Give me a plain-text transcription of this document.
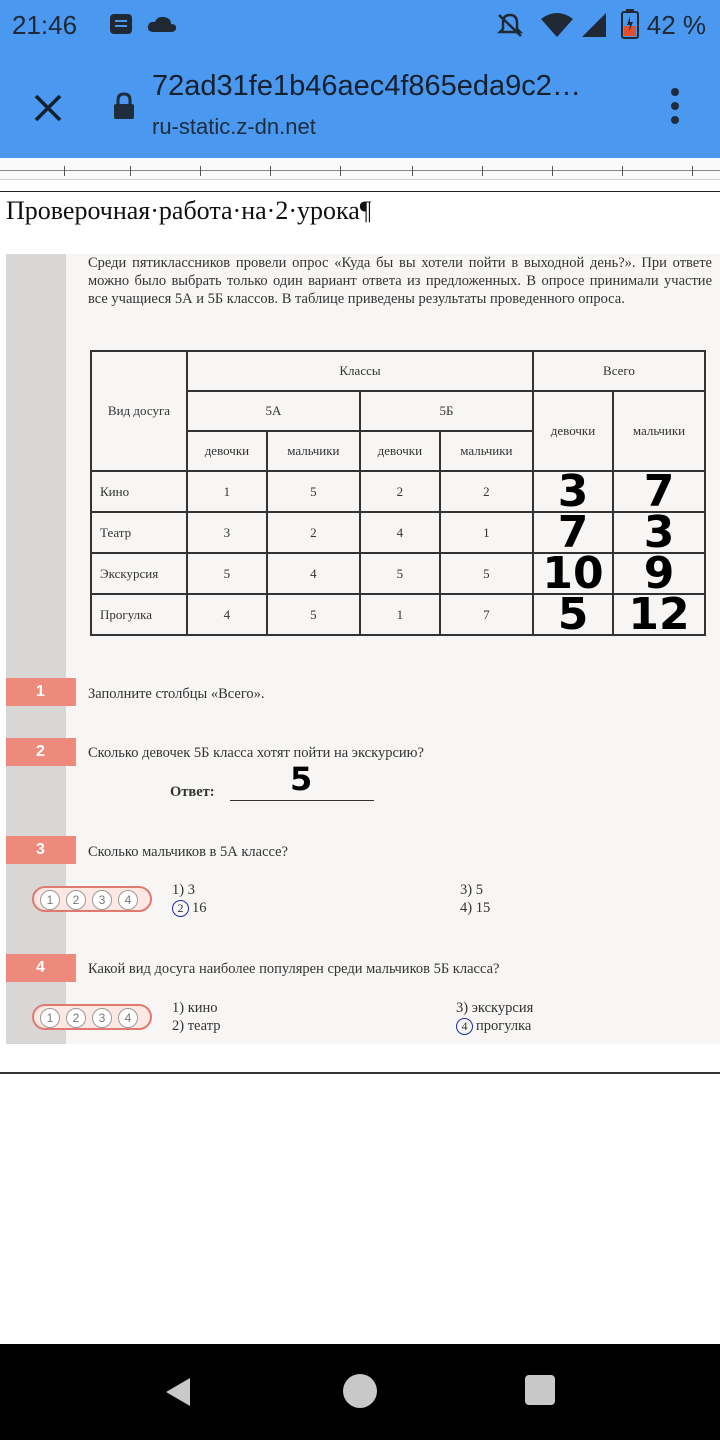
21:46	42 %
72ad31fe1b46aec4f865eda9c2…
ru-static.z-dn.net
Проверочная·работа·на·2·урока¶

Среди пятиклассников провели опрос «Куда бы вы хотели пойти в выходной день?». При ответе можно было выбрать только один вариант ответа из предложенных. В опросе принимали участие все учащиеся 5А и 5Б классов. В таблице приведены результаты проведенного опроса.

Вид досуга	Классы				Всего	
	5А		5Б		девочки	мальчики
	девочки	мальчики	девочки	мальчики		
Кино	1	5	2	2	3	7
Театр	3	2	4	1	7	3
Экскурсия	5	4	5	5	10	9
Прогулка	4	5	1	7	5	12
1	Заполните столбцы «Всего».
2	Сколько девочек 5Б класса хотят пойти на экскурсию?
Ответ: 5
3	Сколько мальчиков в 5А классе?
1	2	3	4
1) 3
2 16
3) 5
4) 15
4	Какой вид досуга наиболее популярен среди мальчиков 5Б класса?
1	2	3	4
1) кино
2) театр
3) экскурсия
4 прогулка
